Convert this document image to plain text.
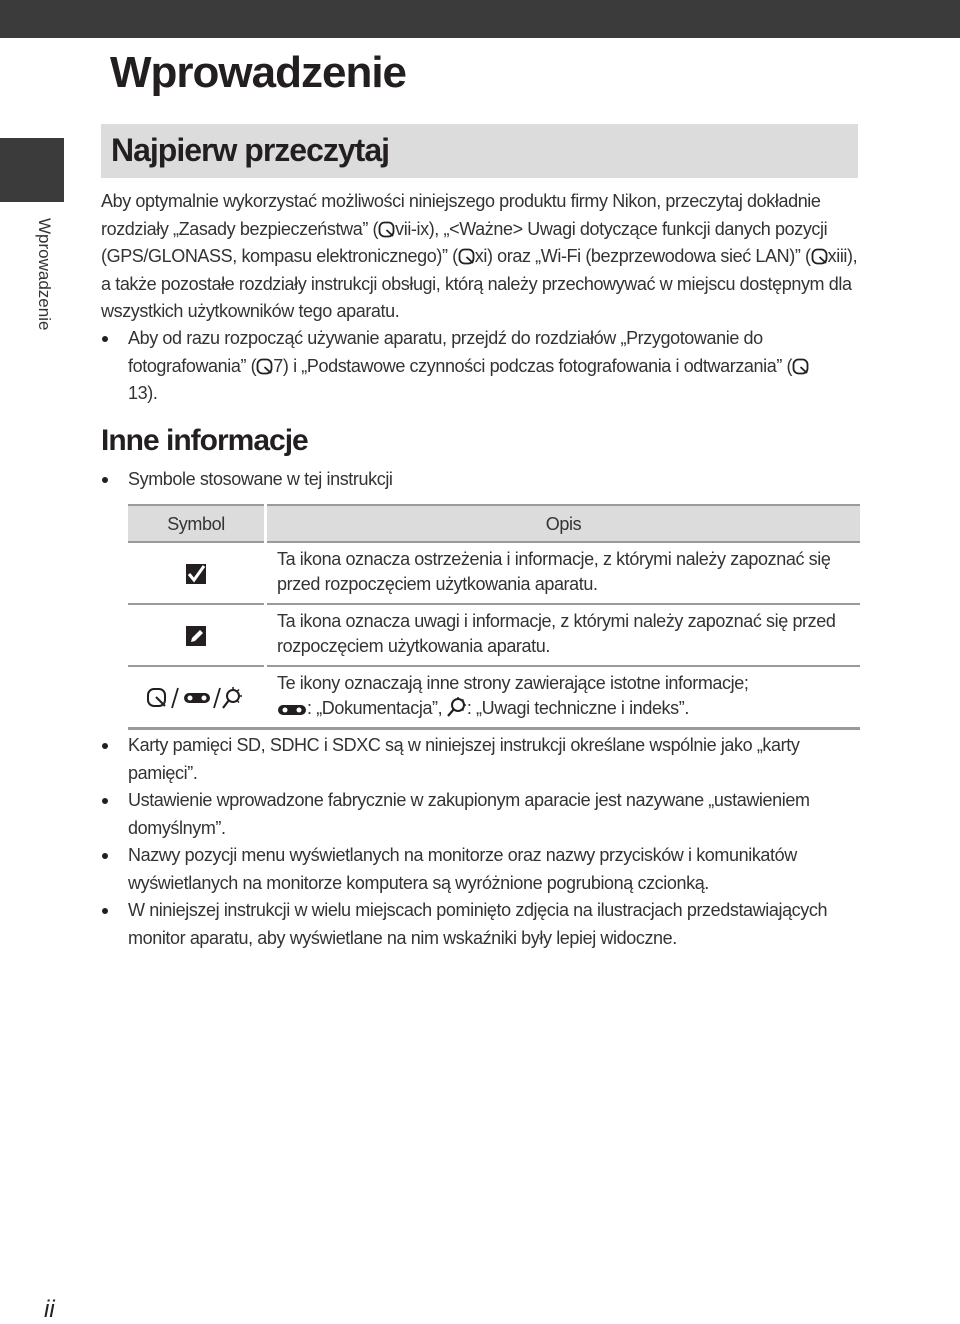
Wprowadzenie
Wprowadzenie
Najpierw przeczytaj

Aby optymalnie wykorzystać możliwości niniejszego produktu firmy Nikon, przeczytaj dokładnie rozdziały „Zasady bezpieczeństwa” ( vii-ix), „<Ważne> Uwagi dotyczące funkcji danych pozycji (GPS/GLONASS, kompasu elektronicznego)” ( xi) oraz „Wi-Fi (bezprzewodowa sieć LAN)” ( xiii), a także pozostałe rozdziały instrukcji obsługi, którą należy przechowywać w miejscu dostępnym dla wszystkich użytkowników tego aparatu.

Aby od razu rozpocząć używanie aparatu, przejdź do rozdziałów „Przygotowanie do fotografowania” ( 7) i „Podstawowe czynności podczas fotografowania i odtwarzania” (13).
Inne informacje
Symbole stosowane w tej instrukcji
Symbol	Opis
	Ta ikona oznacza ostrzeżenia i informacje, z którymi należy zapoznać się przed rozpoczęciem użytkowania aparatu.
	Ta ikona oznacza uwagi i informacje, z którymi należy zapoznać się przed rozpoczęciem użytkowania aparatu.
	Te ikony oznaczają inne strony zawierające istotne informacje;
: „Dokumentacja”, : „Uwagi techniczne i indeks”.
Karty pamięci SD, SDHC i SDXC są w niniejszej instrukcji określane wspólnie jako „karty pamięci”.
Ustawienie wprowadzone fabrycznie w zakupionym aparacie jest nazywane „ustawieniem domyślnym”.
Nazwy pozycji menu wyświetlanych na monitorze oraz nazwy przycisków i komunikatów wyświetlanych na monitorze komputera są wyróżnione pogrubioną czcionką.
W niniejszej instrukcji w wielu miejscach pominięto zdjęcia na ilustracjach przedstawiających monitor aparatu, aby wyświetlane na nim wskaźniki były lepiej widoczne.
ii
